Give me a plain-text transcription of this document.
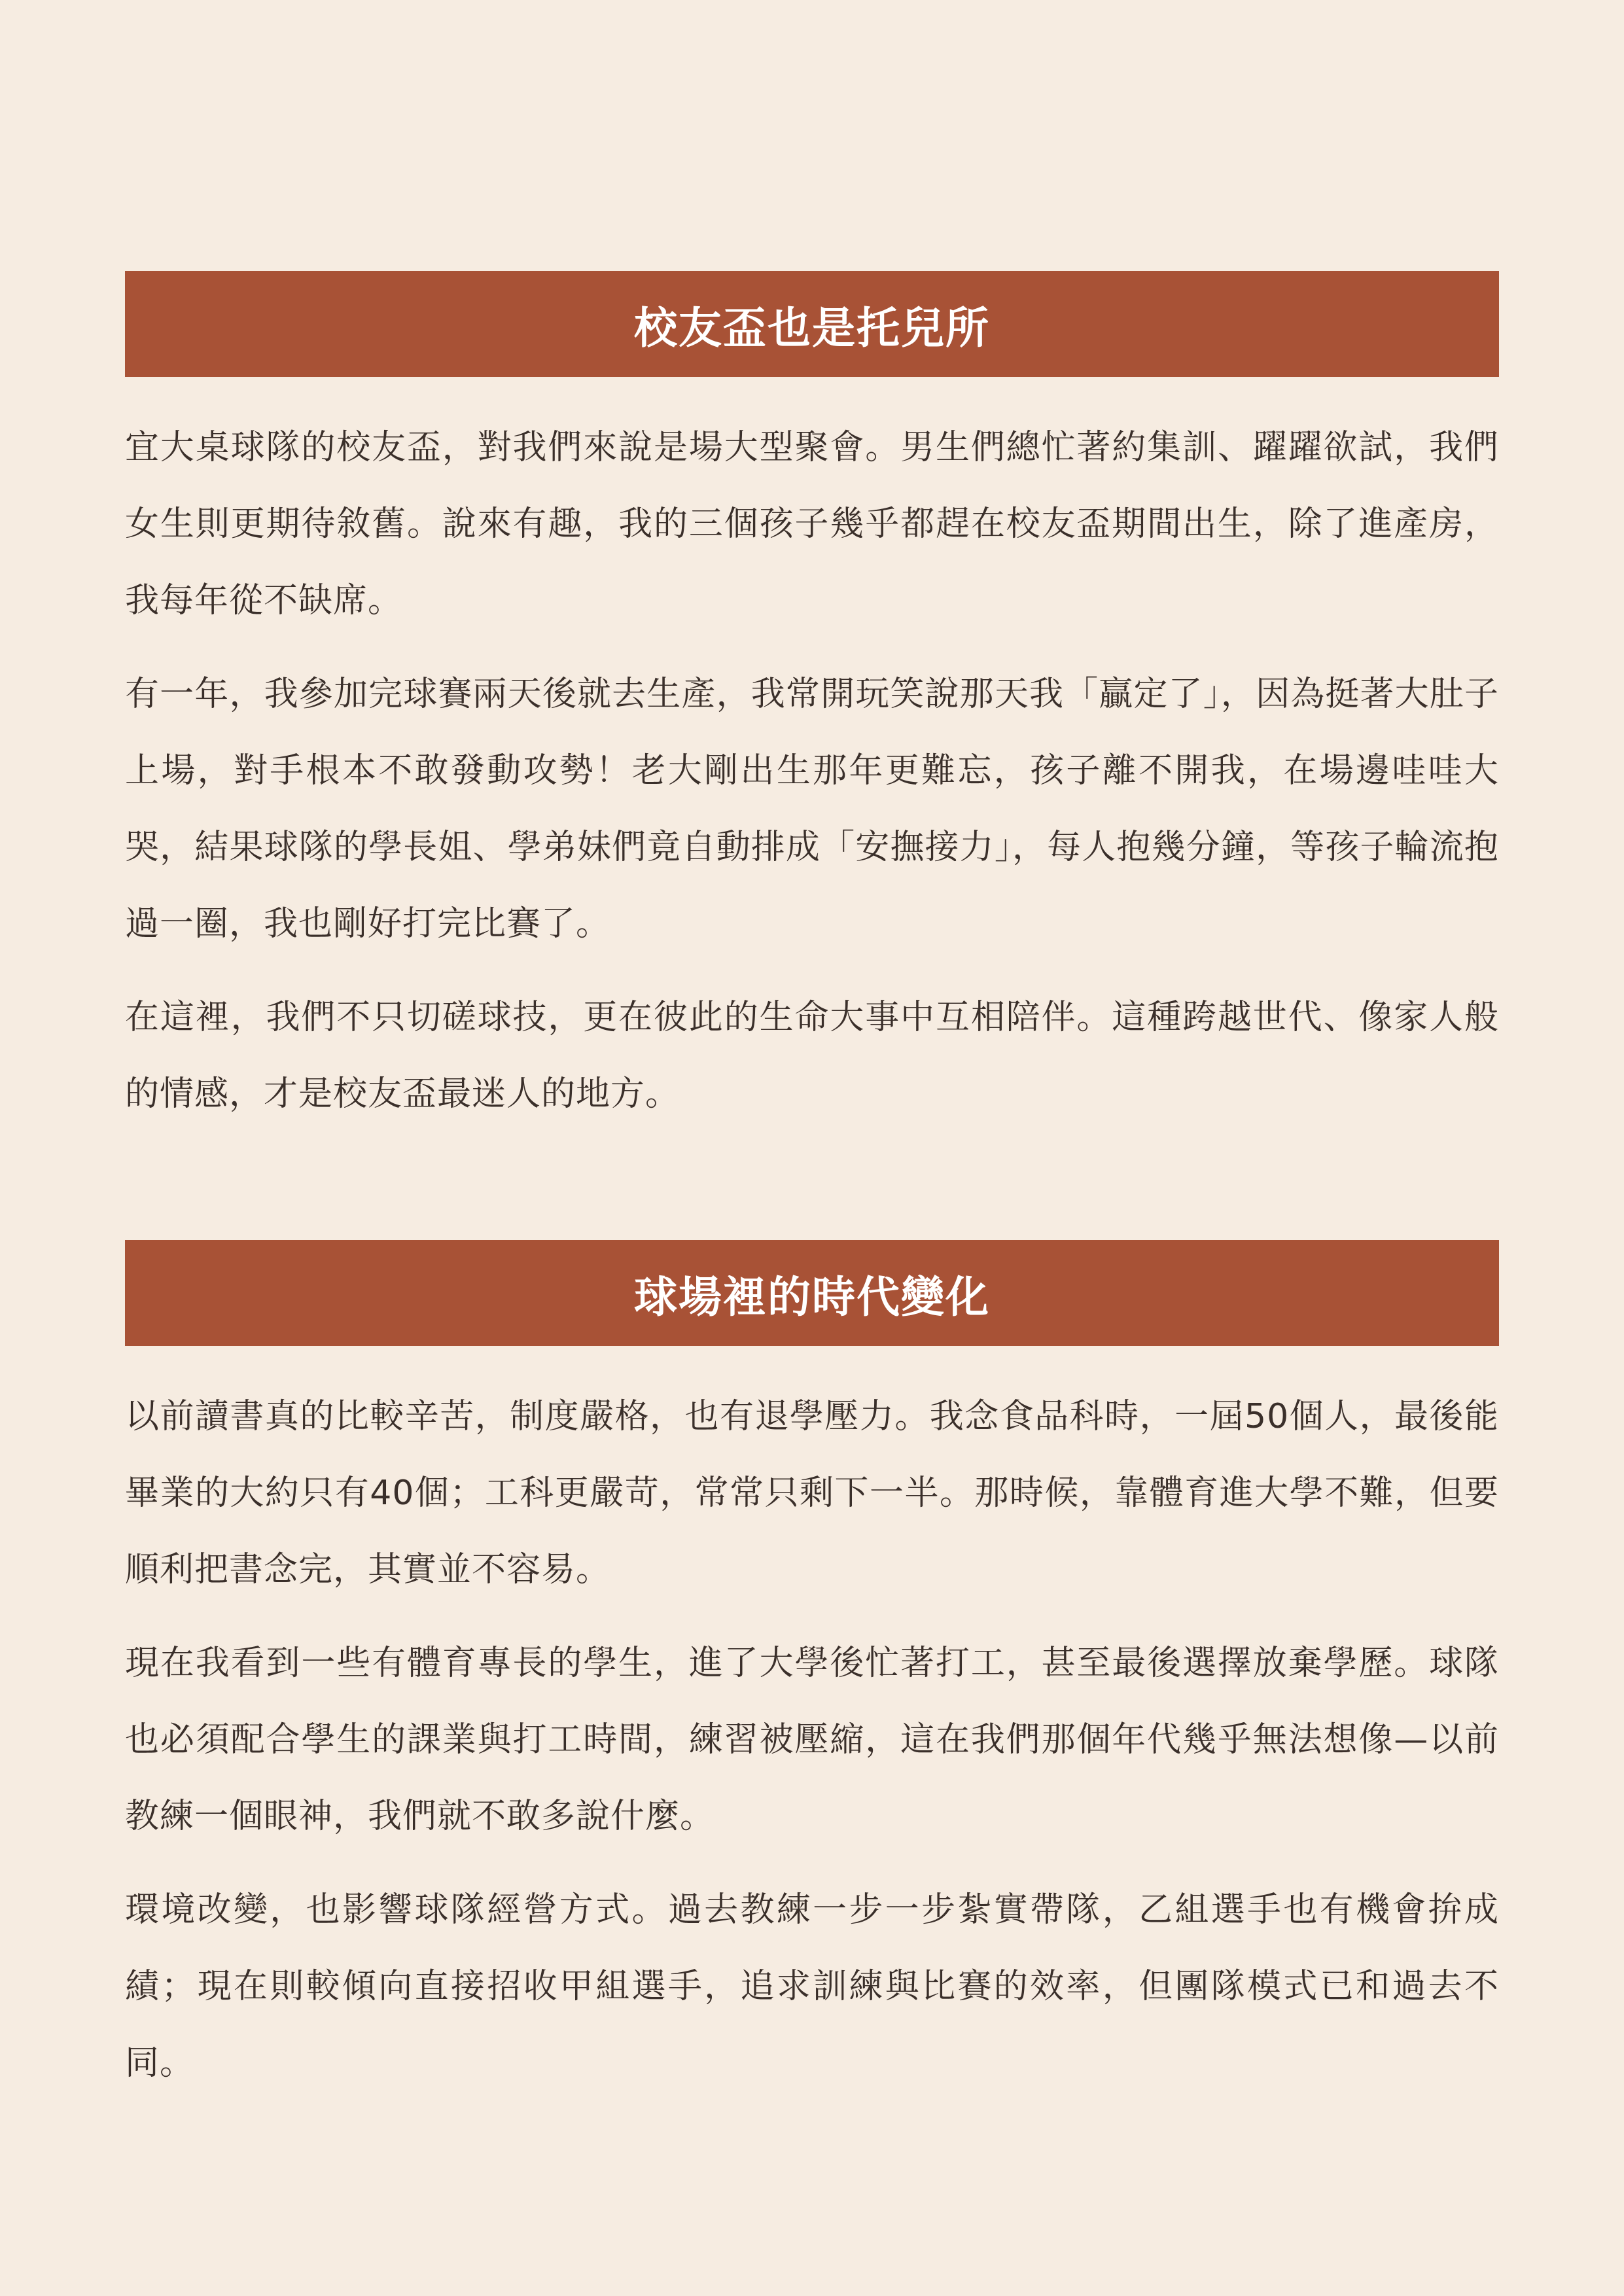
校友盃也是托兒所

宜大桌球隊的校友盃，對我們來說是場大型聚會。男生們總忙著約集訓、躍躍欲試，我們女生則更期待敘舊。說來有趣，我的三個孩子幾乎都趕在校友盃期間出生，除了進產房，我每年從不缺席。

有一年，我參加完球賽兩天後就去生產，我常開玩笑說那天我「贏定了」，因為挺著大肚子上場，對手根本不敢發動攻勢！老大剛出生那年更難忘，孩子離不開我，在場邊哇哇大哭，結果球隊的學長姐、學弟妹們竟自動排成「安撫接力」，每人抱幾分鐘，等孩子輪流抱過一圈，我也剛好打完比賽了。

在這裡，我們不只切磋球技，更在彼此的生命大事中互相陪伴。這種跨越世代、像家人般的情感，才是校友盃最迷人的地方。

球場裡的時代變化

以前讀書真的比較辛苦，制度嚴格，也有退學壓力。我念食品科時，一屆50個人，最後能畢業的大約只有40個；工科更嚴苛，常常只剩下一半。那時候，靠體育進大學不難，但要順利把書念完，其實並不容易。

現在我看到一些有體育專長的學生，進了大學後忙著打工，甚至最後選擇放棄學歷。球隊也必須配合學生的課業與打工時間，練習被壓縮，這在我們那個年代幾乎無法想像—以前教練一個眼神，我們就不敢多說什麼。

環境改變，也影響球隊經營方式。過去教練一步一步紮實帶隊，乙組選手也有機會拚成績；現在則較傾向直接招收甲組選手，追求訓練與比賽的效率，但團隊模式已和過去不同。
